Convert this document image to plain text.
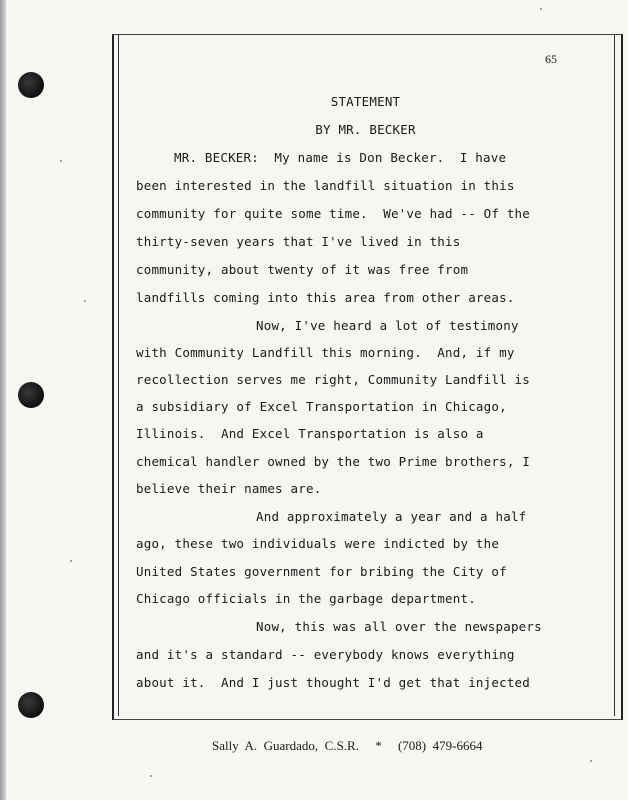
65
STATEMENT
BY MR. BECKER
MR. BECKER:  My name is Don Becker.  I have
been interested in the landfill situation in this
community for quite some time.  We've had -- Of the
thirty-seven years that I've lived in this
community, about twenty of it was free from
landfills coming into this area from other areas.
Now, I've heard a lot of testimony
with Community Landfill this morning.  And, if my
recollection serves me right, Community Landfill is
a subsidiary of Excel Transportation in Chicago,
Illinois.  And Excel Transportation is also a
chemical handler owned by the two Prime brothers, I
believe their names are.
And approximately a year and a half
ago, these two individuals were indicted by the
United States government for bribing the City of
Chicago officials in the garbage department.
Now, this was all over the newspapers
and it's a standard -- everybody knows everything
about it.  And I just thought I'd get that injected
Sally  A.  Guardado,  C.S.R.     *     (708)  479-6664
